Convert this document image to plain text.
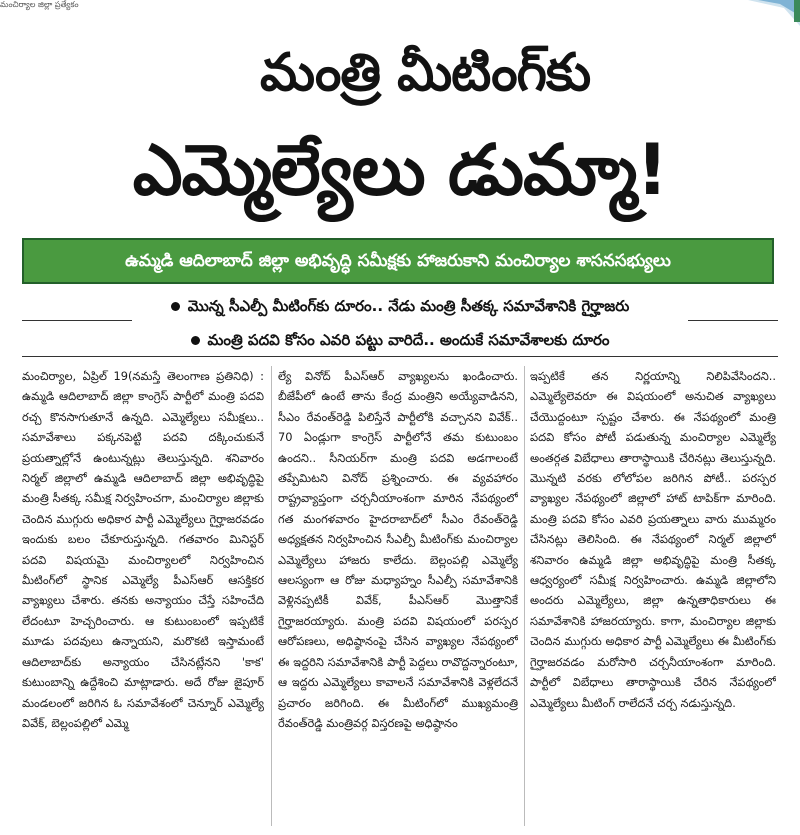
మంచిర్యాల జిల్లా ప్రత్యేకం
మంత్రి మీటింగ్‌కు
ఎమ్మెల్యేలు డుమ్మా!
ఉమ్మడి ఆదిలాబాద్ జిల్లా అభివృద్ధి సమీక్షకు హాజరుకాని మంచిర్యాల శాసనసభ్యులు
మొన్న సీఎల్పీ మీటింగ్‌కు దూరం.. నేడు మంత్రి సీతక్క సమావేశానికి గైర్హాజరు
మంత్రి పదవి కోసం ఎవరి పట్టు వారిదే.. అందుకే సమావేశాలకు దూరం
మంచిర్యాల, ఏప్రిల్ 19(నమస్తే తెలంగాణ ప్రతినిధి) : ఉమ్మడి ఆదిలాబాద్ జిల్లా కాంగ్రెస్ పార్టీలో మంత్రి పదవి రచ్చ కొనసాగుతూనే ఉన్నది. ఎమ్మెల్యేలు సమీక్షలు.. సమావేశాలు పక్కనపెట్టి పదవి దక్కించుకునే ప్రయత్నాల్లోనే ఉంటున్నట్లు తెలుస్తున్నది. శనివారం నిర్మల్ జిల్లాలో ఉమ్మడి ఆదిలాబాద్ జిల్లా అభివృద్ధిపై మంత్రి సీతక్క సమీక్ష నిర్వహించగా, మంచిర్యాల జిల్లాకు చెందిన ముగ్గురు అధికార పార్టీ ఎమ్మెల్యేలు గైర్హాజరవడం ఇందుకు బలం చేకూరుస్తున్నది. గతవారం మినిస్టర్ పదవి విషయమై మంచిర్యాలలో నిర్వహించిన మీటింగ్‌లో స్థానిక ఎమ్మెల్యే పీఎస్ఆర్ ఆసక్తికర వ్యాఖ్యలు చేశారు. తనకు అన్యాయం చేస్తే సహించేది లేదంటూ హెచ్చరించారు. ఆ కుటుంబంలో ఇప్పటికే మూడు పదవులు ఉన్నాయని, మరొకటి ఇస్తామంటే ఆదిలాబాద్‌కు అన్యాయం చేసినట్లేనని 'కాక' కుటుంబాన్ని ఉద్దేశించి మాట్లాడారు. అదే రోజు జైపూర్ మండలంలో జరిగిన ఓ సమావేశంలో చెన్నూర్ ఎమ్మెల్యే వివేక్, బెల్లంపల్లిలో ఎమ్మె
ల్యే వినోద్ పీఎస్ఆర్ వ్యాఖ్యలను ఖండించారు. బీజేపీలో ఉంటే తాను కేంద్ర మంత్రిని అయ్యేవాడినని, సీఎం రేవంత్‌రెడ్డి పిలిస్తేనే పార్టీలోకి వచ్చానని వివేక్.. 70 ఏండ్లుగా కాంగ్రెస్ పార్టీలోనే తమ కుటుంబం ఉందని.. సీనియర్‌గా మంత్రి పదవి అడగాలంటే తప్పేమిటని వినోద్ ప్రశ్నించారు. ఈ వ్యవహారం రాష్ట్రవ్యాప్తంగా చర్చనీయాంశంగా మారిన నేపథ్యంలో గత మంగళవారం హైదరాబాద్‌లో సీఎం రేవంత్‌రెడ్డి అధ్యక్షతన నిర్వహించిన సీఎల్పీ మీటింగ్‌కు మంచిర్యాల ఎమ్మెల్యేలు హాజరు కాలేదు. బెల్లంపల్లి ఎమ్మెల్యే ఆలస్యంగా ఆ రోజు మధ్యాహ్నం సీఎల్పీ సమావేశానికి వెళ్లినప్పటికీ వివేక్, పీఎస్ఆర్ మొత్తానికే గైర్హాజరయ్యారు. మంత్రి పదవి విషయంలో పరస్పర ఆరోపణలు, అధిష్ఠానంపై చేసిన వ్యాఖ్యల నేపథ్యంలో ఈ ఇద్దరిని సమావేశానికి పార్టీ పెద్దలు రావొద్దన్నారంటూ, ఆ ఇద్దరు ఎమ్మెల్యేలు కావాలనే సమావేశానికి వెళ్లలేదనే ప్రచారం జరిగింది. ఈ మీటింగ్‌లో ముఖ్యమంత్రి రేవంత్‌రెడ్డి మంత్రివర్గ విస్తరణపై అధిష్ఠానం
ఇప్పటికే తన నిర్ణయాన్ని నిలిపివేసిందని.. ఎమ్మెల్యేలెవరూ ఈ విషయంలో అనుచిత వ్యాఖ్యలు చేయొద్దంటూ స్పష్టం చేశారు. ఈ నేపథ్యంలో మంత్రి పదవి కోసం పోటీ పడుతున్న మంచిర్యాల ఎమ్మెల్యే అంతర్గత విబేధాలు తారాస్థాయికి చేరినట్లు తెలుస్తున్నది. మొన్నటి వరకు లోలోపల జరిగిన పోటీ.. పరస్పర వ్యాఖ్యల నేపథ్యంలో జిల్లాలో హాట్ టాపిక్‌గా మారింది. మంత్రి పదవి కోసం ఎవరి ప్రయత్నాలు వారు ముమ్మరం చేసినట్లు తెలిసింది. ఈ నేపథ్యంలో నిర్మల్ జిల్లాలో శనివారం ఉమ్మడి జిల్లా అభివృద్ధిపై మంత్రి సీతక్క ఆధ్వర్యంలో సమీక్ష నిర్వహించారు. ఉమ్మడి జిల్లాలోని అందరు ఎమ్మెల్యేలు, జిల్లా ఉన్నతాధికారులు ఈ సమావేశానికి హాజరయ్యారు. కాగా, మంచిర్యాల జిల్లాకు చెందిన ముగ్గురు అధికార పార్టీ ఎమ్మెల్యేలు ఈ మీటింగ్‌కు గైర్హాజరవడం మరోసారి చర్చనీయాంశంగా మారింది. పార్టీలో విబేధాలు తారాస్థాయికి చేరిన నేపథ్యంలో ఎమ్మెల్యేలు మీటింగ్ రాలేదనే చర్చ నడుస్తున్నది.
